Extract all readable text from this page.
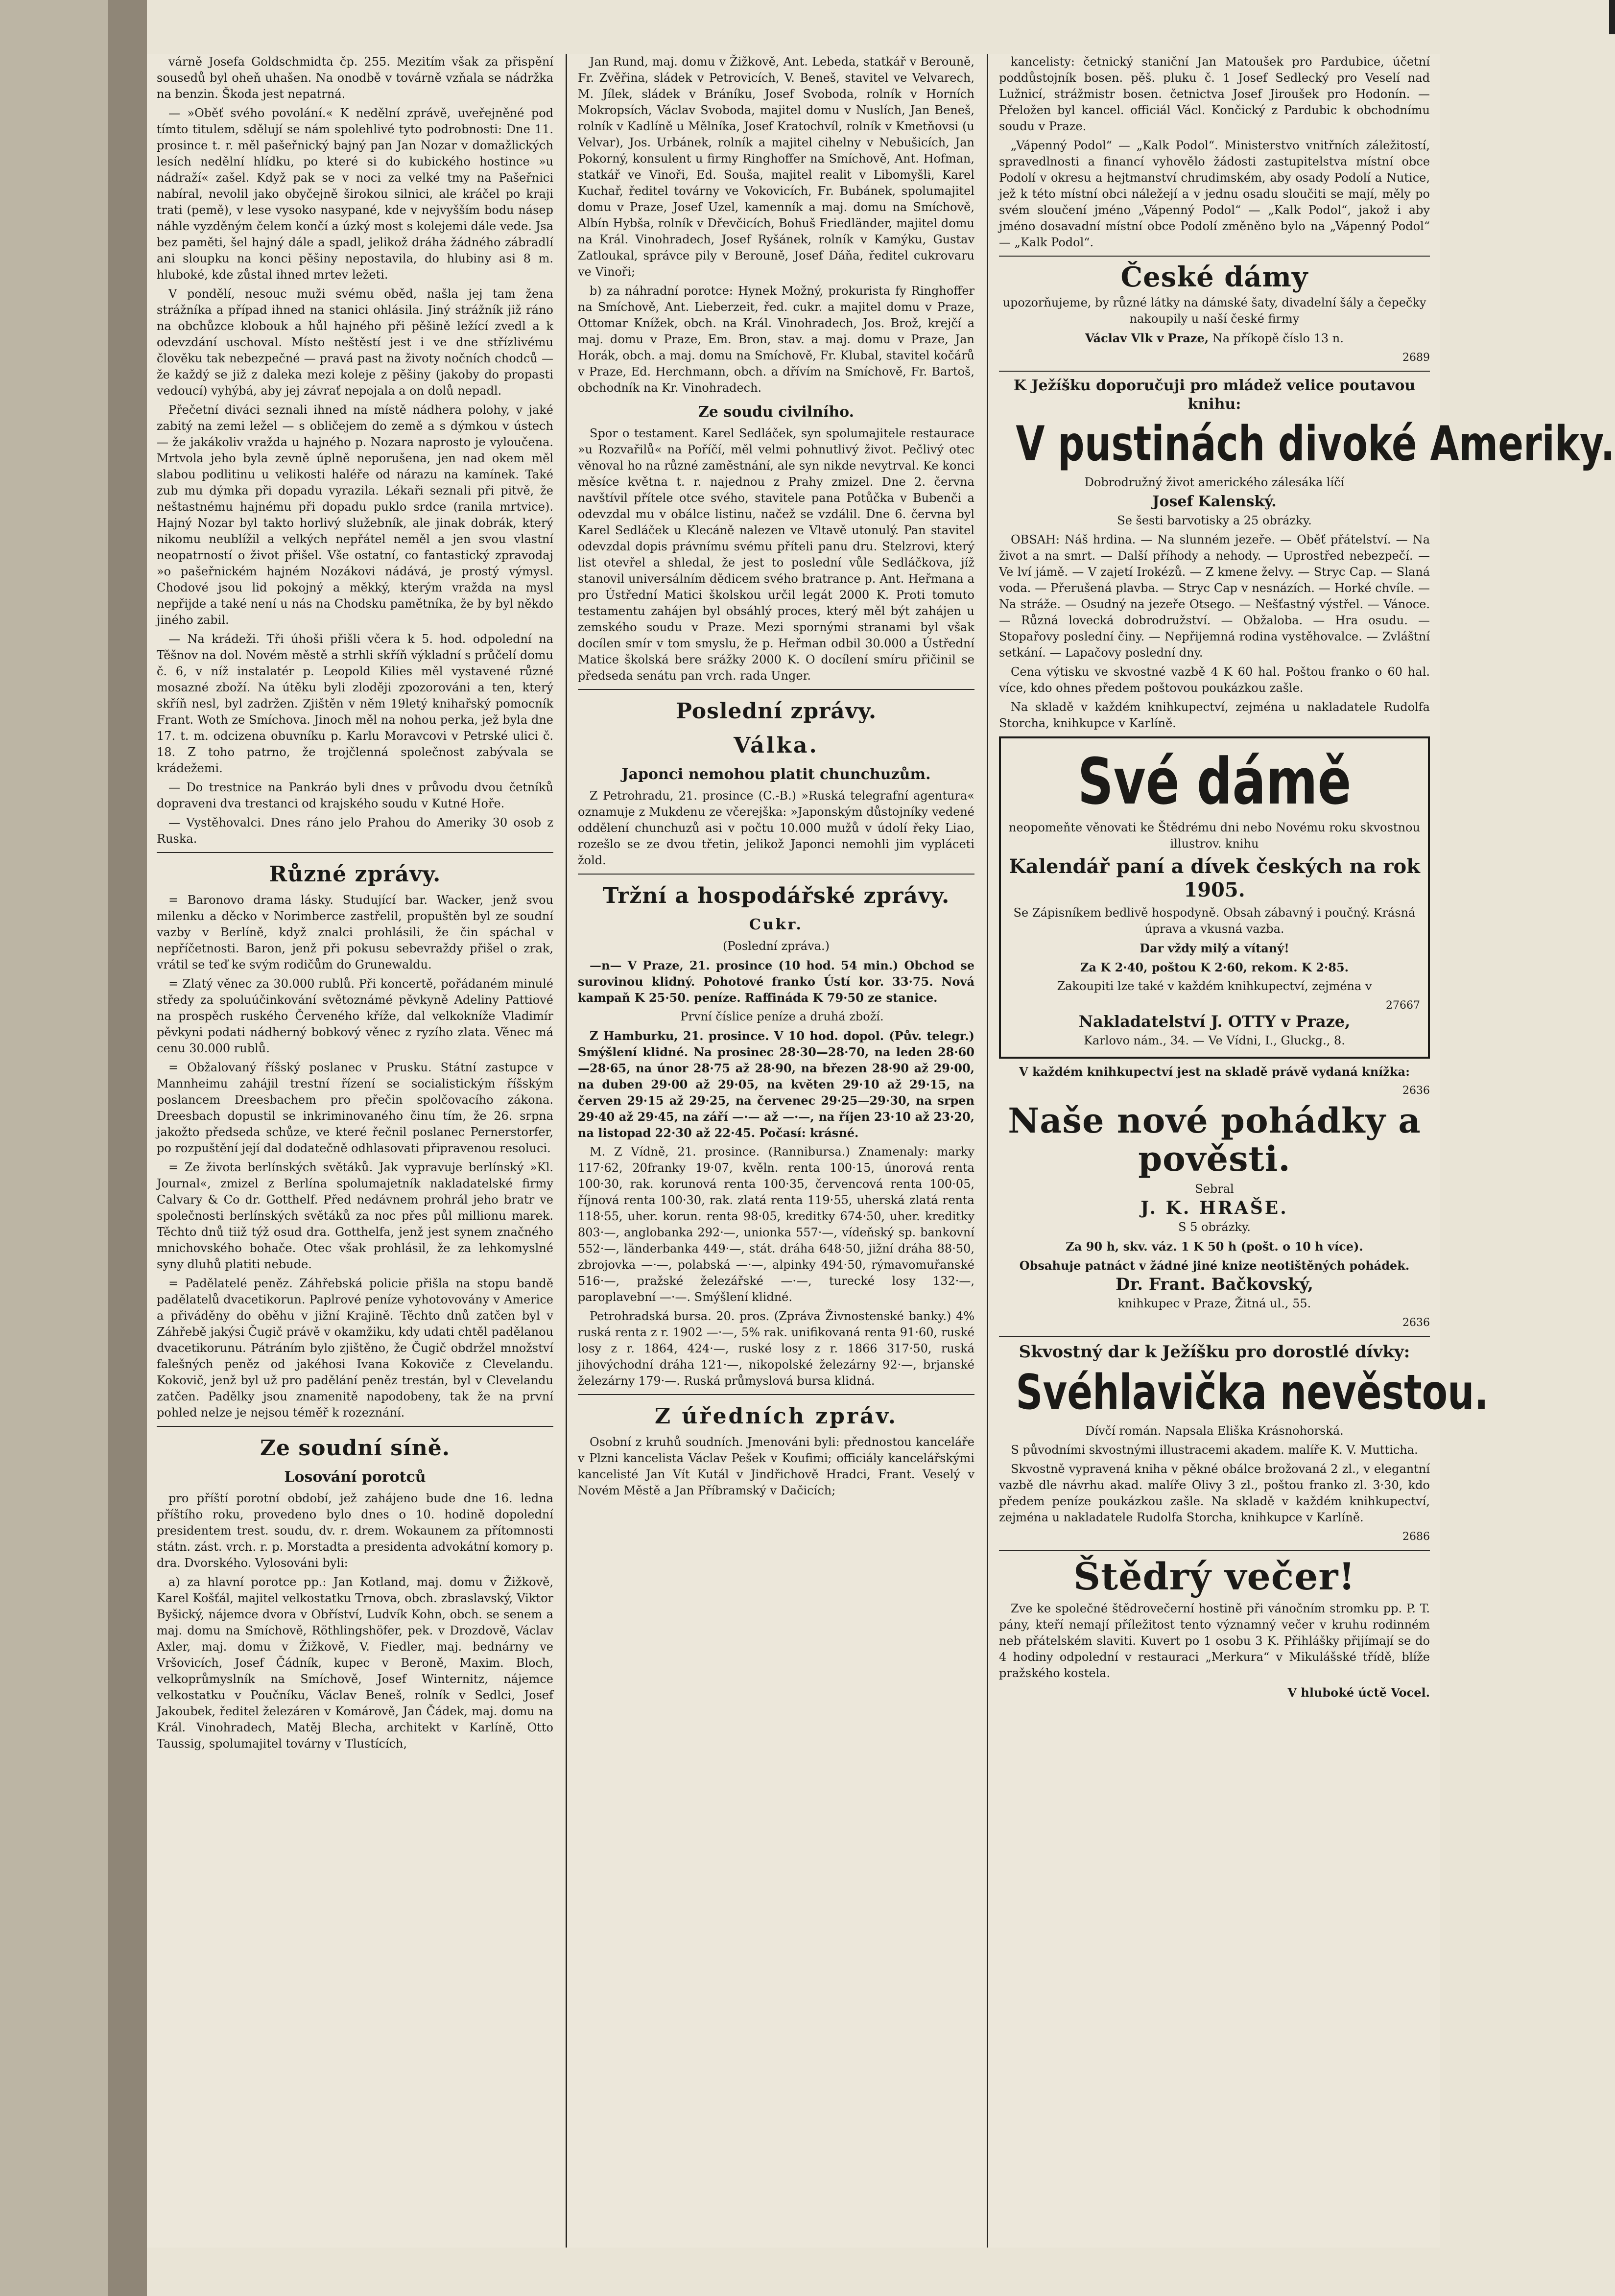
várně Josefa Goldschmidta čp. 255. Mezitím však za přispění sousedů byl oheň uhašen. Na onodbě v továrně vzňala se nádržka na benzin. Škoda jest nepatrná.

— »Oběť svého povolání.« K nedělní zprávě, uveřejněné pod tímto titulem, sdělují se nám spolehlivé tyto podrobnosti: Dne 11. prosince t. r. měl pašeřnický bajný pan Jan Nozar v domažlických lesích nedělní hlídku, po které si do kubického hostince »u nádraží« zašel. Když pak se v noci za velké tmy na Pašeřnici nabíral, nevolil jako obyčejně širokou silnici, ale kráčel po kraji trati (pemě), v lese vysoko nasypané, kde v nejvyšším bodu násep náhle vyzděným čelem končí a úzký most s kolejemi dále vede. Jsa bez paměti, šel hajný dále a spadl, jelikož dráha žádného zábradlí ani sloupku na konci pěšiny nepostavila, do hlubiny asi 8 m. hluboké, kde zůstal ihned mrtev ležeti.

V pondělí, nesouc muži svému oběd, našla jej tam žena strážníka a případ ihned na stanici ohlásila. Jiný strážník již ráno na obchůzce klobouk a hůl hajného při pěšině ležící zvedl a k odevzdání uschoval. Místo neštěstí jest i ve dne střízlivému člověku tak nebezpečné — pravá past na životy nočních chodců — že každý se již z daleka mezi koleje z pěšiny (jakoby do propasti vedoucí) vyhýbá, aby jej závrať nepojala a on dolů nepadl.

Přečetní diváci seznali ihned na místě nádhera polohy, v jaké zabitý na zemi ležel — s obličejem do země a s dýmkou v ústech — že jakákoliv vražda u hajného p. Nozara naprosto je vyloučena. Mrtvola jeho byla zevně úplně neporušena, jen nad okem měl slabou podlitinu u velikosti haléře od nárazu na kamínek. Také zub mu dýmka při dopadu vyrazila. Lékaři seznali při pitvě, že neštastnému hajnému při dopadu puklo srdce (ranila mrtvice). Hajný Nozar byl takto horlivý služebník, ale jinak dobrák, který nikomu neublížil a velkých nepřátel neměl a jen svou vlastní neopatrností o život přišel. Vše ostatní, co fantastický zpravodaj »o pašeřnickém hajném Nozákovi nádává, je prostý výmysl. Chodové jsou lid pokojný a měkký, kterým vražda na mysl nepřijde a také není u nás na Chodsku pamětníka, že by byl někdo jiného zabil.

— Na krádeži. Tři úhoši přišli včera k 5. hod. odpolední na Těšnov na dol. Novém městě a strhli skříň výkladní s průčelí domu č. 6, v níž instalatér p. Leopold Kilies měl vystavené různé mosazné zboží. Na útěku byli zloději zpozorováni a ten, který skříň nesl, byl zadržen. Zjištěn v něm 19letý knihařský pomocník Frant. Woth ze Smíchova. Jinoch měl na nohou perka, jež byla dne 17. t. m. odcizena obuvníku p. Karlu Moravcovi v Petrské ulici č. 18. Z toho patrno, že trojčlenná společnost zabývala se krádežemi.

— Do trestnice na Pankráo byli dnes v průvodu dvou četníků dopraveni dva trestanci od krajského soudu v Kutné Hoře.

— Vystěhovalci. Dnes ráno jelo Prahou do Ameriky 30 osob z Ruska.

Různé zprávy.

= Baronovo drama lásky. Studující bar. Wacker, jenž svou milenku a děcko v Norimberce zastřelil, propuštěn byl ze soudní vazby v Berlíně, když znalci prohlásili, že čin spáchal v nepříčetnosti. Baron, jenž při pokusu sebevraždy přišel o zrak, vrátil se teď ke svým rodičům do Grunewaldu.

= Zlatý věnec za 30.000 rublů. Při koncertě, pořádaném minulé středy za spoluúčinkování světoznámé pěvkyně Adeliny Pattiové na prospěch ruského Červeného kříže, dal velkokníže Vladimír pěvkyni podati nádherný bobkový věnec z ryzího zlata. Věnec má cenu 30.000 rublů.

= Obžalovaný říšský poslanec v Prusku. Státní zastupce v Mannheimu zahájil trestní řízení se socialistickým říšským poslancem Dreesbachem pro přečin spolčovacího zákona. Dreesbach dopustil se inkriminovaného činu tím, že 26. srpna jakožto předseda schůze, ve které řečnil poslanec Pernerstorfer, po rozpuštění její dal dodatečně odhlasovati připravenou resoluci.

= Ze života berlínských světáků. Jak vypravuje berlínský »Kl. Journal«, zmizel z Berlína spolumajetník nakladatelské firmy Calvary & Co dr. Gotthelf. Před nedávnem prohrál jeho bratr ve společnosti berlínských světáků za noc přes půl millionu marek. Těchto dnů tiiž týž osud dra. Gotthelfa, jenž jest synem značného mnichovského bohače. Otec však prohlásil, že za lehkomyslné syny dluhů platiti nebude.

= Padělatelé peněz. Záhřebská policie přišla na stopu bandě padělatelů dvacetikorun. Paplrové peníze vyhotovovány v Americe a přiváděny do oběhu v jižní Krajině. Těchto dnů zatčen byl v Záhřebě jakýsi Čugič právě v okamžiku, kdy udati chtěl padělanou dvacetikorunu. Pátráním bylo zjištěno, že Čugič obdržel množství falešných peněz od jakéhosi Ivana Kokoviče z Clevelandu. Kokovič, jenž byl už pro padělání peněz trestán, byl v Clevelandu zatčen. Padělky jsou znamenitě napodobeny, tak že na první pohled nelze je nejsou téměř k rozeznání.

Ze soudní síně.
Losování porotců

pro příští porotní období, jež zahájeno bude dne 16. ledna příštího roku, provedeno bylo dnes o 10. hodině dopolední presidentem trest. soudu, dv. r. drem. Wokaunem za přítomnosti státn. zást. vrch. r. p. Morstadta a presidenta advokátní komory p. dra. Dvorského. Vylosováni byli:

a) za hlavní porotce pp.: Jan Kotland, maj. domu v Žižkově, Karel Košťál, majitel velkostatku Trnova, obch. zbraslavský, Viktor Byšický, nájemce dvora v Obříství, Ludvík Kohn, obch. se senem a maj. domu na Smíchově, Röthlingshöfer, pek. v Drozdově, Václav Axler, maj. domu v Žižkově, V. Fiedler, maj. bednárny ve Vršovicích, Josef Čádník, kupec v Beroně, Maxim. Bloch, velkoprůmyslník na Smíchově, Josef Winternitz, nájemce velkostatku v Poučníku, Václav Beneš, rolník v Sedlci, Josef Jakoubek, ředitel železáren v Komárově, Jan Čádek, maj. domu na Král. Vinohradech, Matěj Blecha, architekt v Karlíně, Otto Taussig, spolumajitel továrny v Tlustících,

Jan Rund, maj. domu v Žižkově, Ant. Lebeda, statkář v Berouně, Fr. Zvěřina, sládek v Petrovicích, V. Beneš, stavitel ve Velvarech, M. Jílek, sládek v Bráníku, Josef Svoboda, rolník v Horních Mokropsích, Václav Svoboda, majitel domu v Nuslích, Jan Beneš, rolník v Kadlíně u Mělníka, Josef Kratochvíl, rolník v Kmetňovsi (u Velvar), Jos. Urbánek, rolník a majitel cihelny v Nebušicích, Jan Pokorný, konsulent u firmy Ringhoffer na Smíchově, Ant. Hofman, statkář ve Vinoři, Ed. Souša, majitel realit v Libomyšli, Karel Kuchař, ředitel továrny ve Vokovicích, Fr. Bubánek, spolumajitel domu v Praze, Josef Uzel, kamenník a maj. domu na Smíchově, Albín Hybša, rolník v Dřevčicích, Bohuš Friedländer, majitel domu na Král. Vinohradech, Josef Ryšánek, rolník v Kamýku, Gustav Zatloukal, správce pily v Berouně, Josef Dáňa, ředitel cukrovaru ve Vinoři;

b) za náhradní porotce: Hynek Možný, prokurista fy Ringhoffer na Smíchově, Ant. Lieberzeit, řed. cukr. a majitel domu v Praze, Ottomar Knížek, obch. na Král. Vinohradech, Jos. Brož, krejčí a maj. domu v Praze, Em. Bron, stav. a maj. domu v Praze, Jan Horák, obch. a maj. domu na Smíchově, Fr. Klubal, stavitel kočárů v Praze, Ed. Herchmann, obch. a dřívím na Smíchově, Fr. Bartoš, obchodník na Kr. Vinohradech.

Ze soudu civilního.

Spor o testament. Karel Sedláček, syn spolumajitele restaurace »u Rozvařilů« na Poříčí, měl velmi pohnutlivý život. Pečlivý otec věnoval ho na různé zaměstnání, ale syn nikde nevytrval. Ke konci měsíce května t. r. najednou z Prahy zmizel. Dne 2. června navštívil přítele otce svého, stavitele pana Potůčka v Bubenči a odevzdal mu v obálce listinu, načež se vzdálil. Dne 6. června byl Karel Sedláček u Klecáně nalezen ve Vltavě utonulý. Pan stavitel odevzdal dopis právnímu svému příteli panu dru. Stelzrovi, který list otevřel a shledal, že jest to poslední vůle Sedláčkova, jíž stanovil universálním dědicem svého bratrance p. Ant. Heřmana a pro Ústřední Matici školskou určil legát 2000 K. Proti tomuto testamentu zahájen byl obsáhlý proces, který měl být zahájen u zemského soudu v Praze. Mezi spornými stranami byl však docílen smír v tom smyslu, že p. Heřman odbil 30.000 a Ústřední Matice školská bere srážky 2000 K. O docílení smíru přičinil se předseda senátu pan vrch. rada Unger.

Poslední zprávy.
Válka.
Japonci nemohou platit chunchuzům.

Z Petrohradu, 21. prosince (C.-B.) »Ruská telegrafní agentura« oznamuje z Mukdenu ze včerejška: »Japonským důstojníky vedené oddělení chunchuzů asi v počtu 10.000 mužů v údolí řeky Liao, rozešlo se ze dvou třetin, jelikož Japonci nemohli jim vypláceti žold.

Tržní a hospodářské zprávy.
Cukr.

(Poslední zpráva.)

—n— V Praze, 21. prosince (10 hod. 54 min.) Obchod se surovinou klidný. Pohotové franko Ústí kor. 33·75. Nová kampaň K 25·50. peníze. Raffináda K 79·50 ze stanice.

První číslice peníze a druhá zboží.

Z Hamburku, 21. prosince. V 10 hod. dopol. (Pův. telegr.) Smýšlení klidné. Na prosinec 28·30—28·70, na leden 28·60—28·65, na únor 28·75 až 28·90, na březen 28·90 až 29·00, na duben 29·00 až 29·05, na květen 29·10 až 29·15, na červen 29·15 až 29·25, na červenec 29·25—29·30, na srpen 29·40 až 29·45, na září —·— až —·—, na říjen 23·10 až 23·20, na listopad 22·30 až 22·45. Počasí: krásné.

M. Z Vídně, 21. prosince. (Rannibursa.) Znamenaly: marky 117·62, 20franky 19·07, kvěln. renta 100·15, únorová renta 100·30, rak. korunová renta 100·35, červencová renta 100·05, říjnová renta 100·30, rak. zlatá renta 119·55, uherská zlatá renta 118·55, uher. korun. renta 98·05, kreditky 674·50, uher. kreditky 803·—, anglobanka 292·—, unionka 557·—, vídeňský sp. bankovní 552·—, länderbanka 449·—, stát. dráha 648·50, jižní dráha 88·50, zbrojovka —·—, polabská —·—, alpinky 494·50, rýmavomuřanské 516·—, pražské železářské —·—, turecké losy 132·—, paroplavební —·—. Smýšlení klidné.

Petrohradská bursa. 20. pros. (Zpráva Živnostenské banky.) 4% ruská renta z r. 1902 —·—, 5% rak. unifikovaná renta 91·60, ruské losy z r. 1864, 424·—, ruské losy z r. 1866 317·50, ruská jihovýchodní dráha 121·—, nikopolské železárny 92·—, brjanské železárny 179·—. Ruská průmyslová bursa klidná.

Z úředních zpráv.

Osobní z kruhů soudních. Jmenováni byli: přednostou kanceláře v Plzni kancelista Václav Pešek v Koufimi; officiály kancelářskými kancelisté Jan Vít Kutál v Jindřichově Hradci, Frant. Veselý v Novém Městě a Jan Příbramský v Dačicích;

kancelisty: četnický staniční Jan Matoušek pro Pardubice, účetní poddůstojník bosen. pěš. pluku č. 1 Josef Sedlecký pro Veselí nad Lužnicí, strážmistr bosen. četnictva Josef Jiroušek pro Hodonín. — Přeložen byl kancel. officiál Václ. Končický z Pardubic k obchodnímu soudu v Praze.

„Vápenný Podol“ — „Kalk Podol“. Ministerstvo vnitřních záležitostí, spravedlnosti a financí vyhovělo žádosti zastupitelstva místní obce Podolí v okresu a hejtmanství chrudimském, aby osady Podolí a Nutice, jež k této místní obci náležejí a v jednu osadu sloučiti se mají, měly po svém sloučení jméno „Vápenný Podol“ — „Kalk Podol“, jakož i aby jméno dosavadní místní obce Podolí změněno bylo na „Vápenný Podol“ — „Kalk Podol“.

České dámy

upozorňujeme, by různé látky na dámské šaty, divadelní šály a čepečky nakoupily u naší české firmy

Václav Vlk v Praze, Na příkopě číslo 13 n.

2689

K Ježíšku doporučuji pro mládež velice poutavou knihu:

V pustinách divoké Ameriky.

Dobrodružný život amerického zálesáka líčí

Josef Kalenský.

Se šesti barvotisky a 25 obrázky.

OBSAH: Náš hrdina. — Na slunném jezeře. — Oběť přátelství. — Na život a na smrt. — Další příhody a nehody. — Uprostřed nebezpečí. — Ve lví jámě. — V zajetí Irokézů. — Z kmene želvy. — Stryc Cap. — Slaná voda. — Přerušená plavba. — Stryc Cap v nesnázích. — Horké chvíle. — Na stráže. — Osudný na jezeře Otsego. — Nešťastný výstřel. — Vánoce. — Různá lovecká dobrodružství. — Obžaloba. — Hra osudu. — Stopařovy poslední činy. — Nepřijemná rodina vystěhovalce. — Zvláštní setkání. — Lapačovy poslední dny.

Cena výtisku ve skvostné vazbě 4 K 60 hal. Poštou franko o 60 hal. více, kdo ohnes předem poštovou poukázkou zašle.

Na skladě v každém knihkupectví, zejména u nakladatele Rudolfa Storcha, knihkupce v Karlíně.

Své dámě

neopomeňte věnovati ke Štědrému dni nebo Novému roku skvostnou illustrov. knihu

Kalendář paní a dívek českých na rok 1905.

Se Zápisníkem bedlivě hospodyně. Obsah zábavný i poučný. Krásná úprava a vkusná vazba.

Dar vždy milý a vítaný!

Za K 2·40, poštou K 2·60, rekom. K 2·85.

Zakoupiti lze také v každém knihkupectví, zejména v

27667

Nakladatelství J. OTTY v Praze,

Karlovo nám., 34. — Ve Vídni, I., Gluckg., 8.

V každém knihkupectví jest na skladě právě vydaná knížka:

2636
Naše nové pohádky a pověsti.

Sebral

J. K. HRAŠE.

S 5 obrázky.

Za 90 h, skv. váz. 1 K 50 h (pošt. o 10 h více).

Obsahuje patnáct v žádné jiné knize neotištěných pohádek.

Dr. Frant. Bačkovský,

knihkupec v Praze, Žitná ul., 55.

2636

Skvostný dar k Ježíšku pro dorostlé dívky:

Svéhlavička nevěstou.

Dívčí román. Napsala Eliška Krásnohorská.

S původními skvostnými illustracemi akadem. malíře K. V. Mutticha.

Skvostně vypravená kniha v pěkné obálce brožovaná 2 zl., v elegantní vazbě dle návrhu akad. malíře Olivy 3 zl., poštou franko zl. 3·30, kdo předem peníze poukázkou zašle. Na skladě v každém knihkupectví, zejména u nakladatele Rudolfa Storcha, knihkupce v Karlíně.

2686
Štědrý večer!

Zve ke společné štědrovečerní hostině při vánočním stromku pp. P. T. pány, kteří nemají příležitost tento významný večer v kruhu rodinném neb přátelském slaviti. Kuvert po 1 osobu 3 K. Přihlášky přijímají se do 4 hodiny odpolední v restauraci „Merkura“ v Mikulášské třídě, blíže pražského kostela.

V hluboké úctě Vocel.
